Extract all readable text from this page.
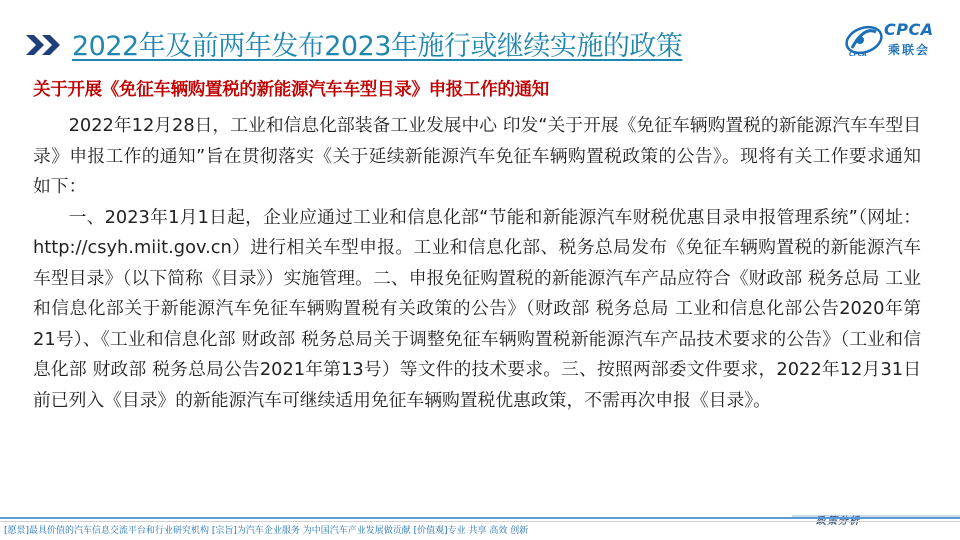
2022年及前两年发布2023年施行或继续实施的政策
CPCA
乘联会
CPCA
关于开展《免征车辆购置税的新能源汽车车型目录》申报工作的通知

2022年12月28日，工业和信息化部装备工业发展中心 印发“关于开展《免征车辆购置税的新能源汽车车型目录》申报工作的通知”旨在贯彻落实《关于延续新能源汽车免征车辆购置税政策的公告》。现将有关工作要求通知如下：

一、2023年1月1日起，企业应通过工业和信息化部“节能和新能源汽车财税优惠目录申报管理系统”（网址：http://csyh.miit.gov.cn）进行相关车型申报。工业和信息化部、税务总局发布《免征车辆购置税的新能源汽车车型目录》（以下简称《目录》）实施管理。二、申报免征购置税的新能源汽车产品应符合《财政部 税务总局 工业和信息化部关于新能源汽车免征车辆购置税有关政策的公告》（财政部 税务总局 工业和信息化部公告2020年第21号）、《工业和信息化部 财政部 税务总局关于调整免征车辆购置税新能源汽车产品技术要求的公告》（工业和信息化部 财政部 税务总局公告2021年第13号）等文件的技术要求。三、按照两部委文件要求，2022年12月31日前已列入《目录》的新能源汽车可继续适用免征车辆购置税优惠政策，不需再次申报《目录》。

[愿景]最具价值的汽车信息交流平台和行业研究机构 [宗旨]为汽车企业服务 为中国汽车产业发展做贡献 [价值观]专业 共享 高效 创新
